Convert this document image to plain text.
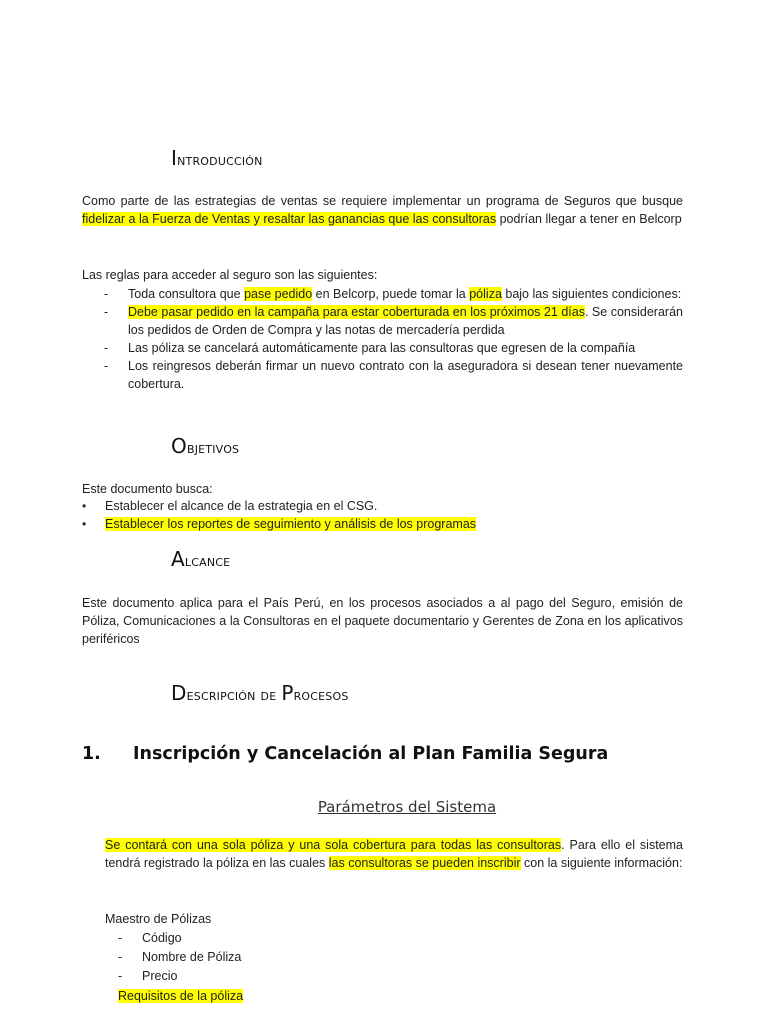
Introducción
Como parte de las estrategias de ventas se requiere implementar un programa de Seguros que busque fidelizar a la Fuerza de Ventas y resaltar las ganancias que las consultoras podrían llegar a tener en Belcorp
Las reglas para acceder al seguro son las siguientes:
- Toda consultora que pase pedido en Belcorp, puede tomar la póliza bajo las siguientes condiciones:
- Debe pasar pedido en la campaña para estar coberturada en los próximos 21 días. Se considerarán los pedidos de Orden de Compra y las notas de mercadería perdida
- Las póliza se cancelará automáticamente para las consultoras que egresen de la compañía
- Los reingresos deberán firmar un nuevo contrato con la aseguradora si desean tener nuevamente cobertura.
Objetivos
Este documento busca:
• Establecer el alcance de la estrategia en el CSG.
• Establecer los reportes de seguimiento y análisis de los programas
Alcance
Este documento aplica para el País Perú, en los procesos asociados a al pago del Seguro, emisión de Póliza, Comunicaciones a la Consultoras en el paquete documentario y Gerentes de Zona en los aplicativos periféricos
Descripción de Procesos
1. Inscripción y Cancelación al Plan Familia Segura
Parámetros del Sistema
Se contará con una sola póliza y una sola cobertura para todas las consultoras. Para ello el sistema tendrá registrado la póliza en las cuales las consultoras se pueden inscribir con la siguiente información:
Maestro de Pólizas
- Código
- Nombre de Póliza
- Precio
Requisitos de la póliza
